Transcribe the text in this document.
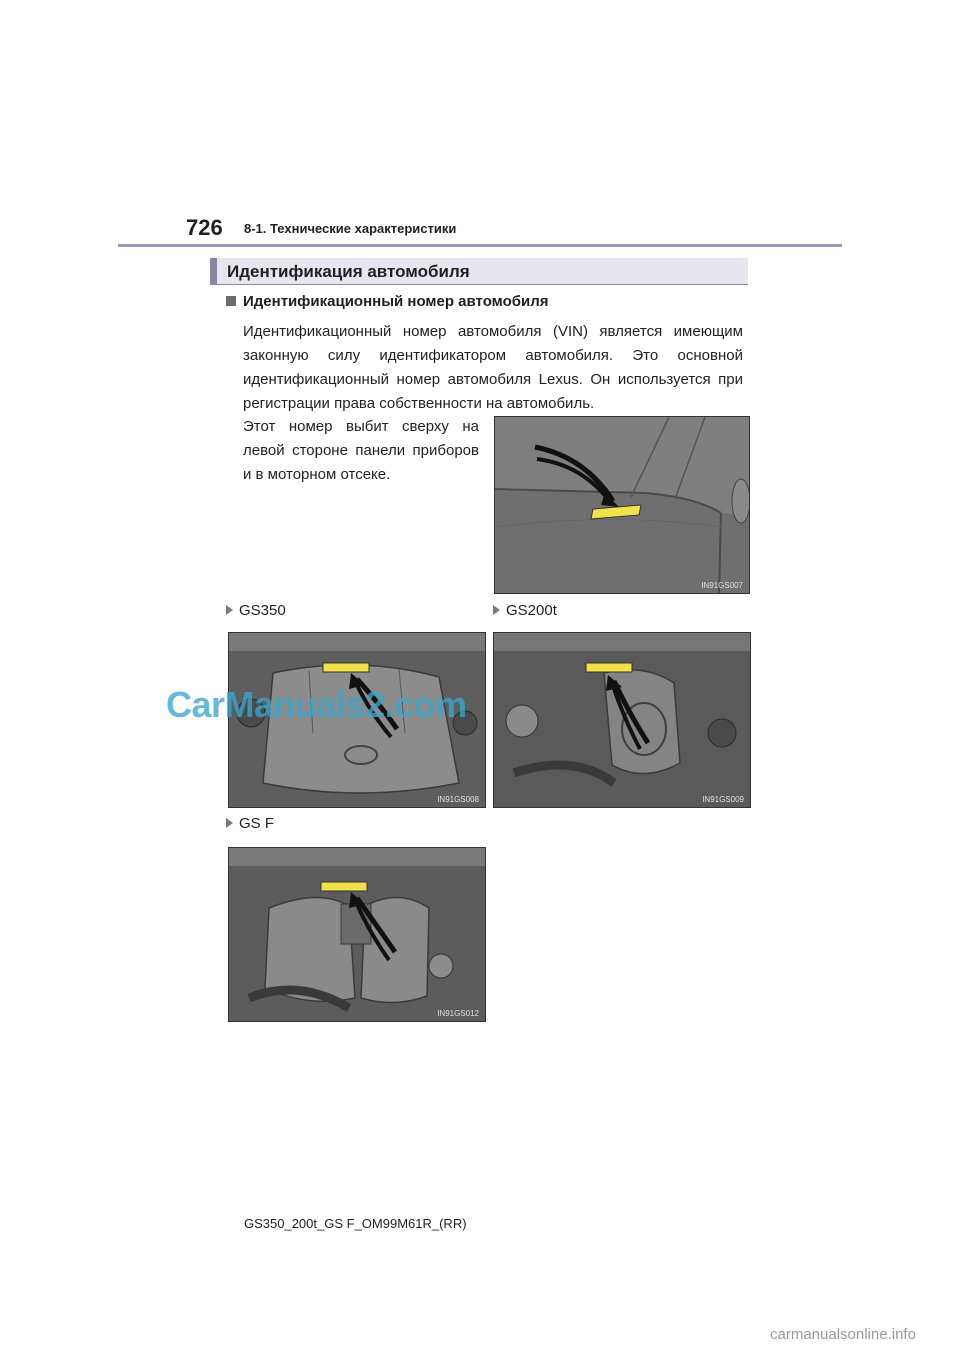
726 8-1. Технические характеристики
Идентификация автомобиля
Идентификационный номер автомобиля
Идентификационный номер автомобиля (VIN) является имеющим законную силу идентификатором автомобиля. Это основной идентификационный номер автомобиля Lexus. Он используется при регистрации права собственности на автомобиль.
Этот номер выбит сверху на левой стороне панели приборов и в моторном отсеке.
IN91GS007
GS350	GS200t
IN91GS008	IN91GS009
GS F
IN91GS012
CarManuals2.com
GS350_200t_GS F_OM99M61R_(RR)
carmanualsonline.info
